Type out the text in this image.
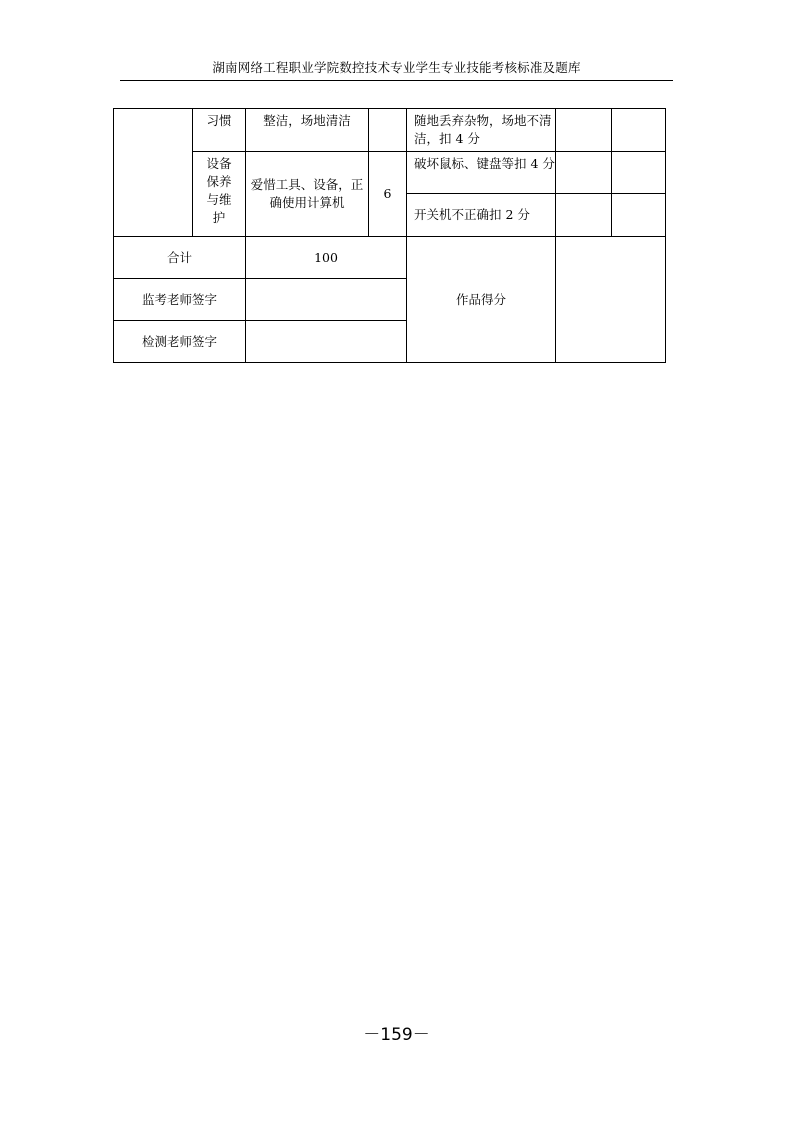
湖南网络工程职业学院数控技术专业学生专业技能考核标准及题库
	习惯	整洁，场地清洁		随地丢弃杂物，场地不清洁，扣 4 分		
	设备保养与维护	爱惜工具、设备，正确使用计算机	6	破坏鼠标、键盘等扣 4 分		
				开关机不正确扣 2 分		
合计		100		作品得分		
监考老师签字						
检测老师签字						
－159－
